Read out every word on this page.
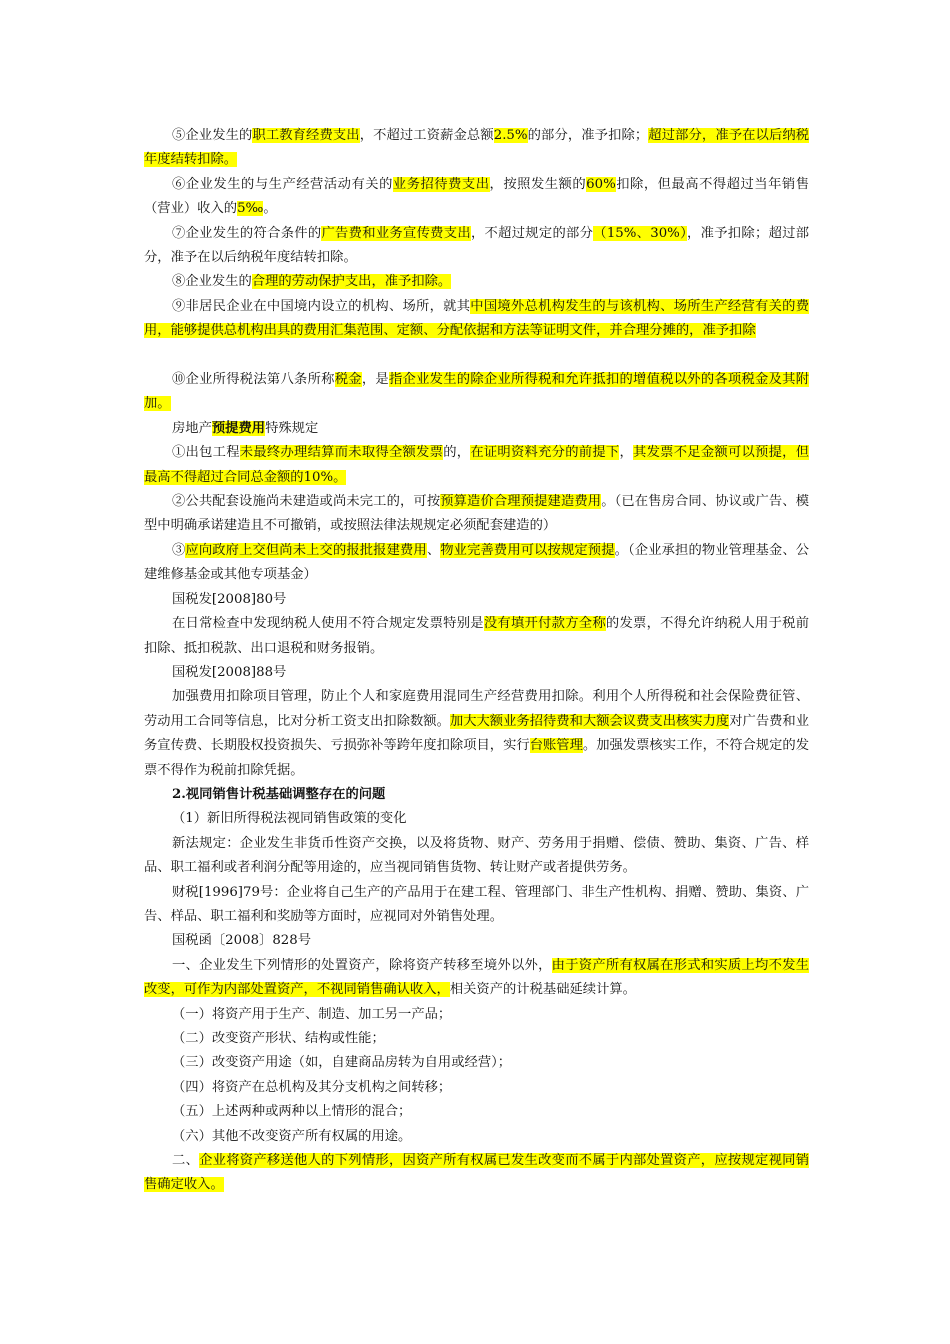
⑤企业发生的职工教育经费支出，不超过工资薪金总额2.5%的部分，准予扣除；超过部分，准予在以后纳税年度结转扣除。

⑥企业发生的与生产经营活动有关的业务招待费支出，按照发生额的60%扣除，但最高不得超过当年销售（营业）收入的5‰。

⑦企业发生的符合条件的广告费和业务宣传费支出，不超过规定的部分（15%、30%），准予扣除；超过部分，准予在以后纳税年度结转扣除。

⑧企业发生的合理的劳动保护支出，准予扣除。

⑨非居民企业在中国境内设立的机构、场所，就其中国境外总机构发生的与该机构、场所生产经营有关的费用，能够提供总机构出具的费用汇集范围、定额、分配依据和方法等证明文件，并合理分摊的，准予扣除

⑩企业所得税法第八条所称税金，是指企业发生的除企业所得税和允许抵扣的增值税以外的各项税金及其附加。

房地产预提费用特殊规定

①出包工程未最终办理结算而未取得全额发票的，在证明资料充分的前提下，其发票不足金额可以预提，但最高不得超过合同总金额的10%。

②公共配套设施尚未建造或尚未完工的，可按预算造价合理预提建造费用。（已在售房合同、协议或广告、模型中明确承诺建造且不可撤销，或按照法律法规规定必须配套建造的）

③应向政府上交但尚未上交的报批报建费用、物业完善费用可以按规定预提。（企业承担的物业管理基金、公建维修基金或其他专项基金）

国税发[2008]80号

在日常检查中发现纳税人使用不符合规定发票特别是没有填开付款方全称的发票，不得允许纳税人用于税前扣除、抵扣税款、出口退税和财务报销。

国税发[2008]88号

加强费用扣除项目管理，防止个人和家庭费用混同生产经营费用扣除。利用个人所得税和社会保险费征管、劳动用工合同等信息，比对分析工资支出扣除数额。加大大额业务招待费和大额会议费支出核实力度对广告费和业务宣传费、长期股权投资损失、亏损弥补等跨年度扣除项目，实行台账管理。加强发票核实工作，不符合规定的发票不得作为税前扣除凭据。

2.视同销售计税基础调整存在的问题

（1）新旧所得税法视同销售政策的变化

新法规定：企业发生非货币性资产交换，以及将货物、财产、劳务用于捐赠、偿债、赞助、集资、广告、样品、职工福利或者利润分配等用途的，应当视同销售货物、转让财产或者提供劳务。

财税[1996]79号：企业将自己生产的产品用于在建工程、管理部门、非生产性机构、捐赠、赞助、集资、广告、样品、职工福利和奖励等方面时，应视同对外销售处理。

国税函〔2008〕828号

一、企业发生下列情形的处置资产，除将资产转移至境外以外，由于资产所有权属在形式和实质上均不发生改变，可作为内部处置资产，不视同销售确认收入，相关资产的计税基础延续计算。

（一）将资产用于生产、制造、加工另一产品；

（二）改变资产形状、结构或性能；

（三）改变资产用途（如，自建商品房转为自用或经营）；

（四）将资产在总机构及其分支机构之间转移；

（五）上述两种或两种以上情形的混合；

（六）其他不改变资产所有权属的用途。

二、企业将资产移送他人的下列情形，因资产所有权属已发生改变而不属于内部处置资产，应按规定视同销售确定收入。
